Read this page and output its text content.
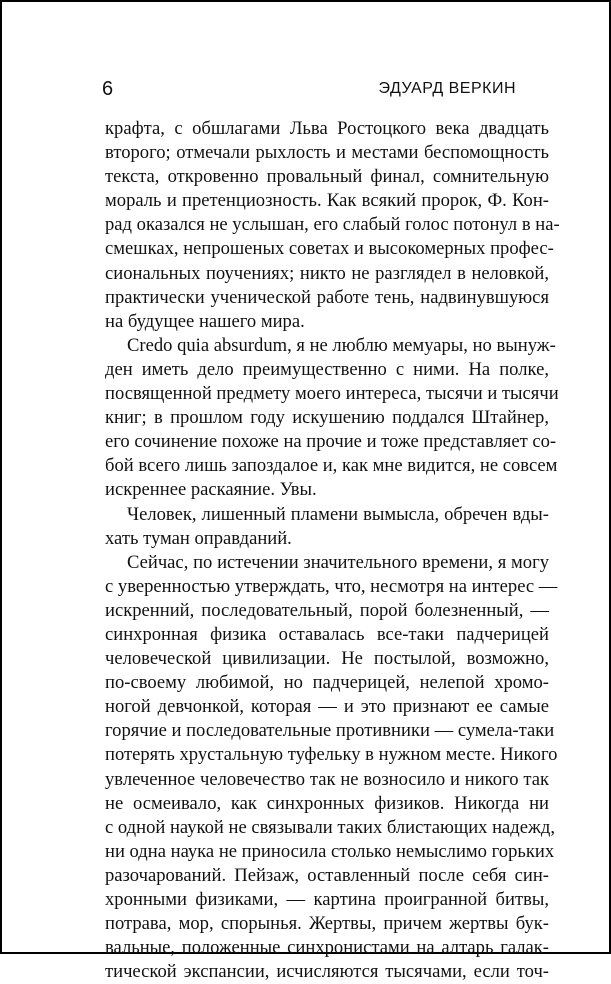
6	ЭДУАРД ВЕРКИН
крафта, с обшлагами Льва Ростоцкого века двадцать
второго; отмечали рыхлость и местами беспомощность
текста, откровенно провальный финал, сомнительную
мораль и претенциозность. Как всякий пророк, Ф. Кон-
рад оказался не услышан, его слабый голос потонул в на-
смешках, непрошеных советах и высокомерных профес-
сиональных поучениях; никто не разглядел в неловкой,
практически ученической работе тень, надвинувшуюся
на будущее нашего мира.
Credo quia absurdum, я не люблю мемуары, но вынуж-
ден иметь дело преимущественно с ними. На полке,
посвященной предмету моего интереса, тысячи и тысячи
книг; в прошлом году искушению поддался Штайнер,
его сочинение похоже на прочие и тоже представляет со-
бой всего лишь запоздалое и, как мне видится, не совсем
искреннее раскаяние. Увы.
Человек, лишенный пламени вымысла, обречен вды-
хать туман оправданий.
Сейчас, по истечении значительного времени, я могу
с уверенностью утверждать, что, несмотря на интерес —
искренний, последовательный, порой болезненный, —
синхронная физика оставалась все-таки падчерицей
человеческой цивилизации. Не постылой, возможно,
по-своему любимой, но падчерицей, нелепой хромо-
ногой девчонкой, которая — и это признают ее самые
горячие и последовательные противники — сумела-таки
потерять хрустальную туфельку в нужном месте. Никого
увлеченное человечество так не возносило и никого так
не осмеивало, как синхронных физиков. Никогда ни
с одной наукой не связывали таких блистающих надежд,
ни одна наука не приносила столько немыслимо горьких
разочарований. Пейзаж, оставленный после себя син-
хронными физиками, — картина проигранной битвы,
потрава, мор, спорынья. Жертвы, причем жертвы бук-
вальные, положенные синхронистами на алтарь галак-
тической экспансии, исчисляются тысячами, если точ-
